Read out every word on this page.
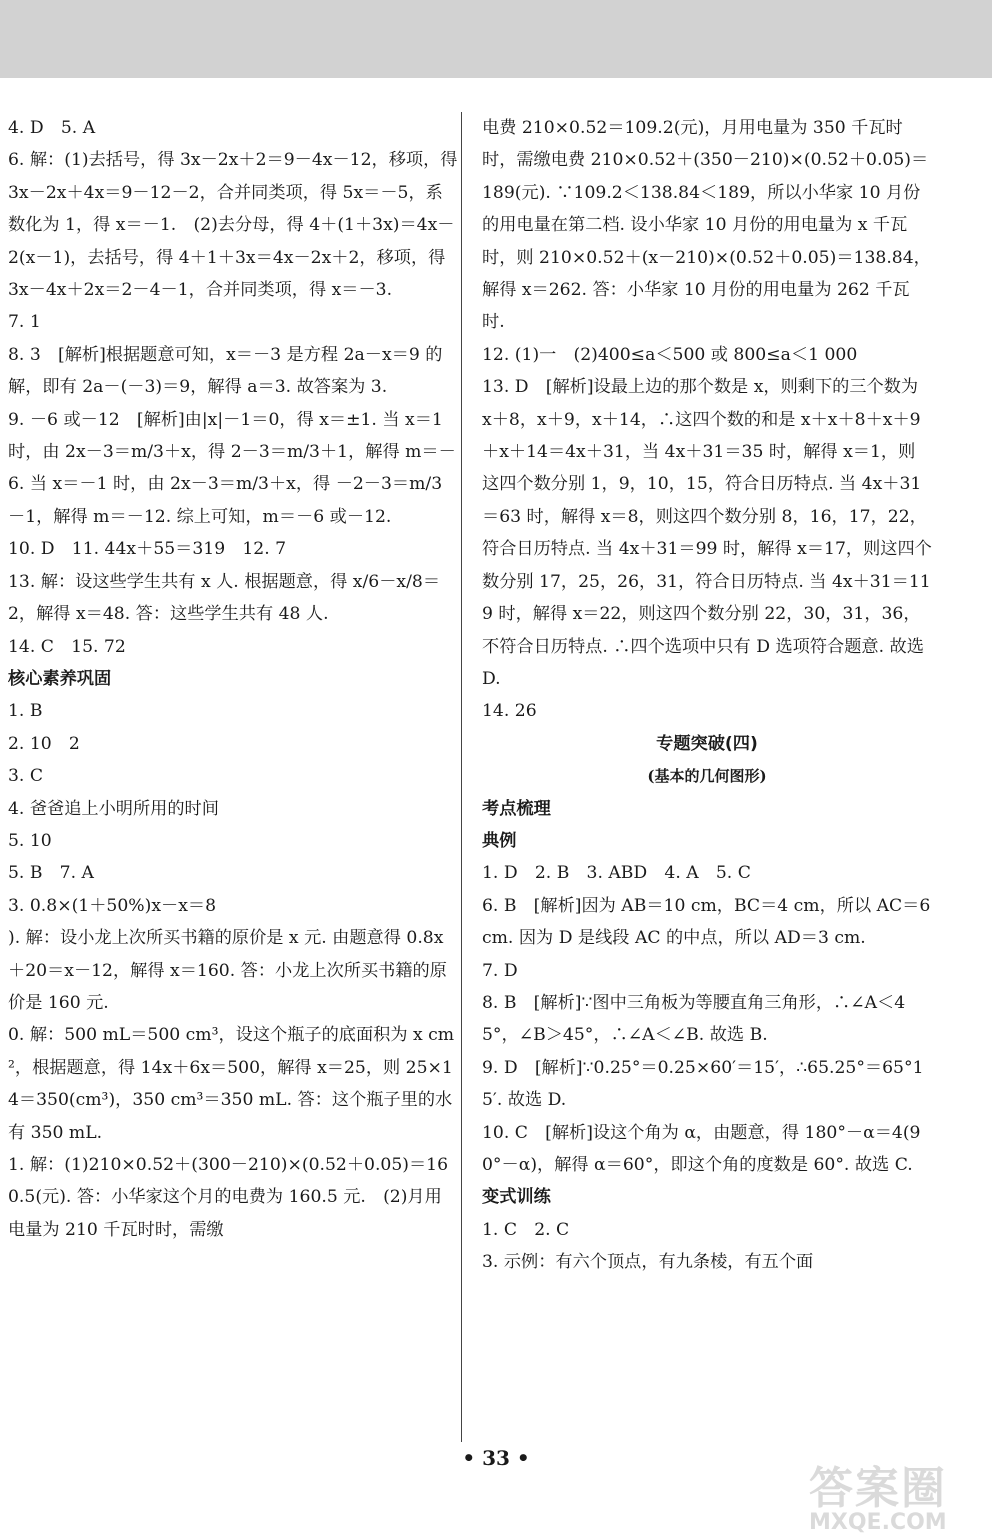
4. D　5. A
6. 解：(1)去括号，得 3x－2x＋2＝9－4x－12，移项，得 3x－2x＋4x＝9－12－2，合并同类项，得 5x＝－5，系数化为 1，得 x＝－1.　(2)去分母，得 4＋(1＋3x)＝4x－2(x－1)，去括号，得 4＋1＋3x＝4x－2x＋2，移项，得 3x－4x＋2x＝2－4－1，合并同类项，得 x＝－3.
7. 1
8. 3　[解析]根据题意可知，x＝－3 是方程 2a－x＝9 的解，即有 2a－(－3)＝9，解得 a＝3. 故答案为 3.
9. －6 或－12　[解析]由|x|－1＝0，得 x＝±1. 当 x＝1 时，由 2x－3＝m/3＋x，得 2－3＝m/3＋1，解得 m＝－6. 当 x＝－1 时，由 2x－3＝m/3＋x，得 －2－3＝m/3－1，解得 m＝－12. 综上可知，m＝－6 或－12.
10. D　11. 44x＋55＝319　12. 7
13. 解：设这些学生共有 x 人. 根据题意，得 x/6－x/8＝2，解得 x＝48. 答：这些学生共有 48 人.
14. C　15. 72
核心素养巩固
1. B
2. 10　2
3. C
4. 爸爸追上小明所用的时间
5. 10
5. B　7. A
3. 0.8×(1＋50%)x－x＝8
). 解：设小龙上次所买书籍的原价是 x 元. 由题意得 0.8x＋20＝x－12，解得 x＝160. 答：小龙上次所买书籍的原价是 160 元.
0. 解：500 mL＝500 cm³，设这个瓶子的底面积为 x cm²，根据题意，得 14x＋6x＝500，解得 x＝25，则 25×14＝350(cm³)，350 cm³＝350 mL. 答：这个瓶子里的水有 350 mL.
1. 解：(1)210×0.52＋(300－210)×(0.52＋0.05)＝160.5(元). 答：小华家这个月的电费为 160.5 元.　(2)月用电量为 210 千瓦时时，需缴
电费 210×0.52＝109.2(元)，月用电量为 350 千瓦时时，需缴电费 210×0.52＋(350－210)×(0.52＋0.05)＝189(元). ∵109.2＜138.84＜189，所以小华家 10 月份的用电量在第二档. 设小华家 10 月份的用电量为 x 千瓦时，则 210×0.52＋(x－210)×(0.52＋0.05)＝138.84，解得 x＝262. 答：小华家 10 月份的用电量为 262 千瓦时.
12. (1)一　(2)400≤a＜500 或 800≤a＜1 000
13. D　[解析]设最上边的那个数是 x，则剩下的三个数为 x＋8，x＋9，x＋14，∴这四个数的和是 x＋x＋8＋x＋9＋x＋14＝4x＋31，当 4x＋31＝35 时，解得 x＝1，则这四个数分别 1，9，10，15，符合日历特点. 当 4x＋31＝63 时，解得 x＝8，则这四个数分别 8，16，17，22，符合日历特点. 当 4x＋31＝99 时，解得 x＝17，则这四个数分别 17，25，26，31，符合日历特点. 当 4x＋31＝119 时，解得 x＝22，则这四个数分别 22，30，31，36，不符合日历特点. ∴四个选项中只有 D 选项符合题意. 故选 D.
14. 26
专题突破(四)
(基本的几何图形)
考点梳理
典例
1. D　2. B　3. ABD　4. A　5. C
6. B　[解析]因为 AB＝10 cm，BC＝4 cm，所以 AC＝6 cm. 因为 D 是线段 AC 的中点，所以 AD＝3 cm.
7. D
8. B　[解析]∵图中三角板为等腰直角三角形，∴∠A＜45°，∠B＞45°，∴∠A＜∠B. 故选 B.
9. D　[解析]∵0.25°＝0.25×60′＝15′，∴65.25°＝65°15′. 故选 D.
10. C　[解析]设这个角为 α，由题意，得 180°－α＝4(90°－α)，解得 α＝60°，即这个角的度数是 60°. 故选 C.
变式训练
1. C　2. C
3. 示例：有六个顶点，有九条棱，有五个面
• 33 •
答案圈
MXQE.COM
